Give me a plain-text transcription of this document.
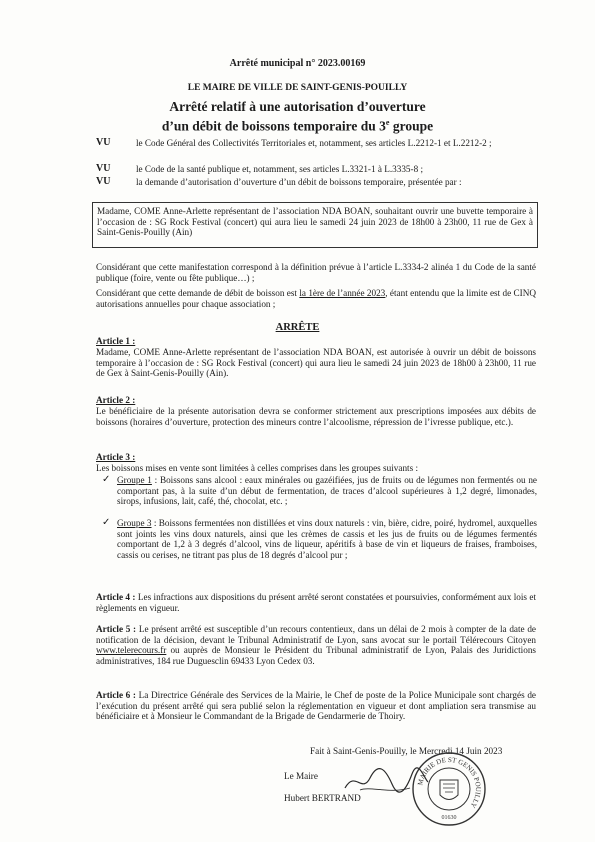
Arrêté municipal n° 2023.00169
LE MAIRE DE VILLE DE SAINT-GENIS-POUILLY
Arrêté relatif à une autorisation d’ouverture
d’un débit de boissons temporaire du 3e groupe
VU	le Code Général des Collectivités Territoriales et, notamment, ses articles L.2212-1 et L.2212-2 ;
VU	le Code de la santé publique et, notamment, ses articles L.3321-1 à L.3335-8 ;
VU	la demande d’autorisation d’ouverture d’un débit de boissons temporaire, présentée par :
Madame, COME Anne-Arlette représentant de l’association NDA BOAN, souhaitant ouvrir une buvette temporaire à l’occasion de : SG Rock Festival (concert) qui aura lieu le samedi 24 juin 2023 de 18h00 à 23h00, 11 rue de Gex à Saint-Genis-Pouilly (Ain)
Considérant que cette manifestation correspond à la définition prévue à l’article L.3334-2 alinéa 1 du Code de la santé publique (foire, vente ou fête publique…) ;
Considérant que cette demande de débit de boisson est la 1ère de l’année 2023, étant entendu que la limite est de CINQ autorisations annuelles pour chaque association ;
ARRÊTE
Article 1 :
Madame, COME Anne-Arlette représentant de l’association NDA BOAN, est autorisée à ouvrir un débit de boissons temporaire à l’occasion de : SG Rock Festival (concert) qui aura lieu le samedi 24 juin 2023 de 18h00 à 23h00, 11 rue de Gex à Saint-Genis-Pouilly (Ain).
Article 2 :
Le bénéficiaire de la présente autorisation devra se conformer strictement aux prescriptions imposées aux débits de boissons (horaires d’ouverture, protection des mineurs contre l’alcoolisme, répression de l’ivresse publique, etc.).
Article 3 :
Les boissons mises en vente sont limitées à celles comprises dans les groupes suivants :
✓ Groupe 1 : Boissons sans alcool : eaux minérales ou gazéifiées, jus de fruits ou de légumes non fermentés ou ne comportant pas, à la suite d’un début de fermentation, de traces d’alcool supérieures à 1,2 degré, limonades, sirops, infusions, lait, café, thé, chocolat, etc. ;
✓ Groupe 3 : Boissons fermentées non distillées et vins doux naturels : vin, bière, cidre, poiré, hydromel, auxquelles sont joints les vins doux naturels, ainsi que les crèmes de cassis et les jus de fruits ou de légumes fermentés comportant de 1,2 à 3 degrés d’alcool, vins de liqueur, apéritifs à base de vin et liqueurs de fraises, framboises, cassis ou cerises, ne titrant pas plus de 18 degrés d’alcool pur ;
Article 4 : Les infractions aux dispositions du présent arrêté seront constatées et poursuivies, conformément aux lois et règlements en vigueur.
Article 5 : Le présent arrêté est susceptible d’un recours contentieux, dans un délai de 2 mois à compter de la date de notification de la décision, devant le Tribunal Administratif de Lyon, sans avocat sur le portail Télérecours Citoyen www.telerecours.fr ou auprès de Monsieur le Président du Tribunal administratif de Lyon, Palais des Juridictions administratives, 184 rue Duguesclin 69433 Lyon Cedex 03.
Article 6 : La Directrice Générale des Services de la Mairie, le Chef de poste de la Police Municipale sont chargés de l’exécution du présent arrêté qui sera publié selon la réglementation en vigueur et dont ampliation sera transmise au bénéficiaire et à Monsieur le Commandant de la Brigade de Gendarmerie de Thoiry.
Fait à Saint-Genis-Pouilly, le Mercredi 14 Juin 2023
Le Maire
Hubert BERTRAND
MAIRIE DE ST GENIS POUILLY
01630
